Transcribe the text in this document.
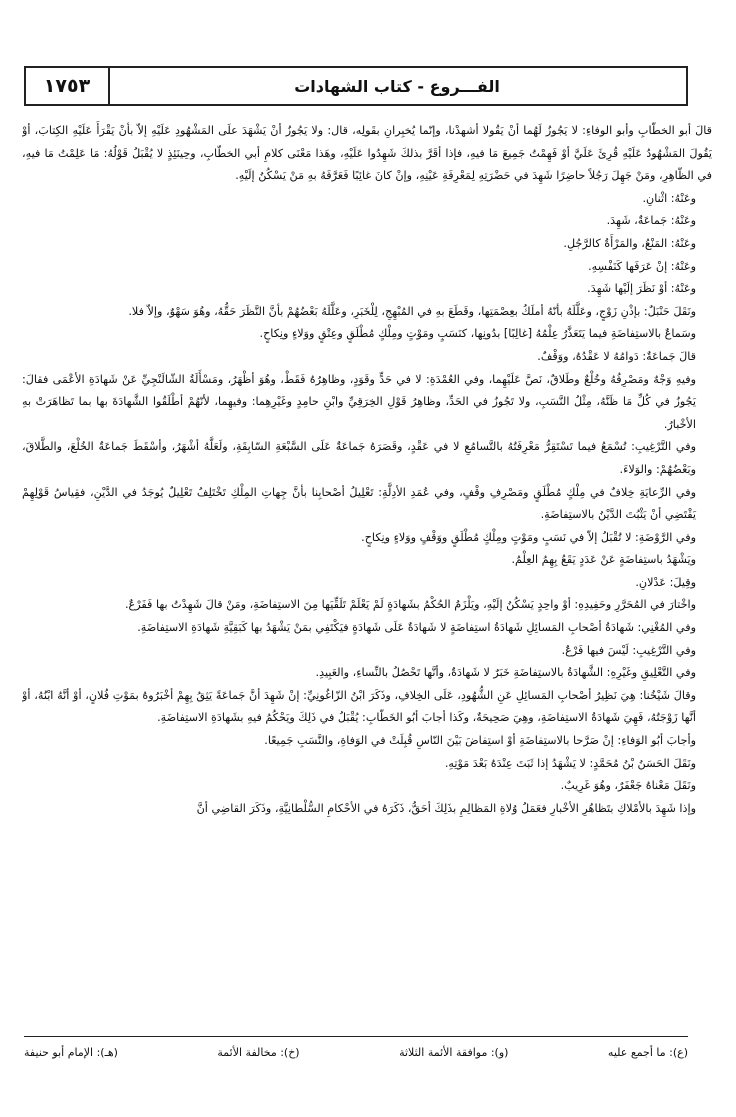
١٧٥٣	الفـــروع - كتاب الشهادات

قالَ أبو الخطّابِ وأبو الوفاءِ: لا يَجُوزُ لَهُما أنْ يَقُولا أشهدْنا، وإنّما يُخبِرانِ بقَولِه، قال: ولا يَجُوزُ أنْ يَشْهَدَ علَى المَشْهُودِ عَلَيْهِ إلاّ بأنْ يَقْرَأَ عَلَيْهِ الكِتابَ، أوْ يَقُولَ المَشْهُودُ عَلَيْهِ قُرِئَ عَلَيَّ أوْ فَهِمْتُ جَمِيعَ مَا فيهِ، فإذا أقَرَّ بذلكَ شَهِدُوا عَلَيْهِ، وهَذا مَعْنَى كلامِ أبي الخطّابِ، وحِينَئِذٍ لا يُقْبَلُ قَوْلُهُ: مَا عَلِمْتُ مَا فيهِ، في الظّاهِرِ، ومَنْ جَهِلَ رَجُلاً حاضِرًا شَهِدَ في حَضْرَتِهِ لِمَعْرِفَةِ عَيْنِهِ، وإنْ كانَ غائِبًا فَعَرَّفَهُ بهِ مَنْ يَسْكُنُ إلَيْهِ.

وعَنْهُ: اثْنانِ.

وعَنْهُ: جَماعَةٌ، شَهِدَ.

وعَنْهُ: المَنْعُ، والمَرْأَةُ كالرَّجُلِ.

وعَنْهُ: إنْ عَرَفَها كَنَفْسِهِ.

وعَنْهُ: أوْ نَظَرَ إلَيْها شَهِدَ.

ونَقَلَ حَنْبَلٌ: بإذْنِ زَوْجٍ، وعَلَّلَهُ بأنّهُ أملَكُ بعِصْمَتِها، وقَطَعَ بهِ في المُبْهِجِ، لِلْخَبَرِ، وعَلَّلَهُ بَعْضُهُمْ بأنَّ النَّظَرَ حَقُّهُ، وهُوَ سَهْوٌ، وإلاّ فلا.

وسَماعٌ بالاستِفاضَةِ فيما يَتَعَذَّرُ عِلْمُهُ [غالِبًا] بدُونِها، كنَسَبٍ ومَوْتٍ ومِلْكٍ مُطْلَقٍ وعِتْقٍ ووَلاءٍ ونِكاحٍ.

قالَ جَماعَةٌ: دَوامُهُ لا عَقْدُهُ، ووَقْفٌ.

وفيهِ وَجْهٌ ومَصْرِفُهُ وخُلْعٌ وطَلاقٌ، نَصَّ عَلَيْهِما، وفي العُمْدَةِ: لا في حَدٍّ وقَوَدٍ، وظاهِرُهُ فَقَطْ، وهُوَ أظْهَرُ، ومَسْأَلَةُ الشّالَنْجِيِّ عَنْ شَهادَةِ الأعْمَى فقالَ: يَجُوزُ في كُلِّ مَا ظَنَّهُ، مِثْلُ النَّسَبِ، ولا تَجُوزُ في الحَدِّ، وظاهِرُ قَوْلِ الخِرَقِيِّ وابْنِ حامِدٍ وغَيْرِهِما: وفيهِما، لأنّهُمْ أطْلَقُوا الشَّهادَةَ بها بما تَظاهَرَتْ بهِ الأخْبارُ.

وفي التَّرْغِيبِ: تُسْمَعُ فيما تَسْتَقِرُّ مَعْرِفَتُهُ بالتَّسامُعِ لا في عَقْدٍ، وقَصَرَهُ جَماعَةٌ عَلَى السَّبْعَةِ السّابِقَةِ، ولَعَلَّهُ أشْهَرُ، وأسْقَطَ جَماعَةٌ الخُلْعَ، والطَّلاقَ، وبَعْضُهُمْ: والوَلاءَ.

وفي الرِّعايَةِ خِلافٌ في مِلْكٍ مُطْلَقٍ ومَصْرِفِ وقْفٍ، وفي عُمَدِ الأدِلَّةِ: تَعْلِيلُ أصْحابِنا بأنَّ جِهاتِ المِلْكِ تَخْتَلِفُ تَعْلِيلٌ يُوجَدُ في الدَّيْنِ، فقِياسُ قَوْلِهِمْ يَقْتَضِي أنْ يَثْبُتَ الدَّيْنُ بالاستِفاضَةِ.

وفي الرَّوْضَةِ: لا تُقْبَلُ إلاّ في نَسَبٍ ومَوْتٍ ومِلْكٍ مُطْلَقٍ ووَقْفٍ ووَلاءٍ ونِكاحٍ.

ويَشْهَدُ باستِفاضَةٍ عَنْ عَدَدٍ يَقَعُ بِهِمُ العِلْمُ.

وقِيلَ: عَدْلانِ.

واخْتارَ في المُحَرَّرِ وحَفِيدِهِ: أوْ واحِدٍ يَسْكُنُ إلَيْهِ، ويَلْزَمُ الحُكْمُ بشَهادَةٍ لَمْ يَعْلَمْ تَلَقِّيَها مِنَ الاستِفاضَةِ، ومَنْ قالَ شَهِدْتُ بها فَفَرْعٌ.

وفي المُغْنِي: شَهادَةُ أصْحابِ المَسائِلِ شَهادَةُ استِفاضَةٍ لا شَهادَةٌ عَلَى شَهادَةٍ فيَكْتَفِي بمَنْ يَشْهَدُ بها كَبَقِيَّةِ شَهادَةِ الاستِفاضَةِ.

وفي التَّرْغِيبِ: لَيْسَ فيها فَرْعٌ.

وفي التَّعْلِيقِ وغَيْرِهِ: الشَّهادَةُ بالاستِفاضَةِ خَبَرٌ لا شَهادَةٌ، وأنَّها تَحْصُلُ بالنِّساءِ، والعَبِيدِ.

وقالَ شَيْخُنا: هِيَ نَظِيرُ أصْحابِ المَسائِلِ عَنِ الشُّهُودِ، عَلَى الخِلافِ، وذَكَرَ ابْنُ الزّاغُونِيِّ: إنْ شَهِدَ أنَّ جَماعَةً يَثِقُ بِهِمْ أخْبَرُوهُ بمَوْتِ فُلانٍ، أوْ أنَّهُ ابْنُهُ، أوْ أنَّها زَوْجَتُهُ، فَهِيَ شَهادَةُ الاستِفاضَةِ، وهِيَ صَحِيحَةٌ، وكَذا أجابَ أبُو الخَطّابِ: يُقْبَلُ في ذَلِكَ ويَحْكُمُ فيهِ بشَهادَةِ الاستِفاضَةِ.

وأجابَ أبُو الوَفاءِ: إنْ صَرَّحا بالاستِفاضَةِ أوْ استِفاضَ بَيْنَ النّاسِ قُبِلَتْ في الوَفاةِ، والنَّسَبِ جَمِيعًا.

ونَقَلَ الحَسَنُ بْنُ مُحَمَّدٍ: لا يَشْهَدُ إذا ثَبَتَ عِنْدَهُ بَعْدَ مَوْتِهِ.

ونَقَلَ مَعْناهُ جَعْفَرٌ، وهُوَ غَرِيبٌ.

وإذا شَهِدَ بالأمْلاكِ بتَظاهُرِ الأخْبارِ فعَمَلُ وُلاةِ المَظالِمِ بذَلِكَ أحَقُّ، ذَكَرَهُ في الأحْكامِ السُّلْطانِيَّةِ، وذَكَرَ القاضِي أنَّ

(ع): ما أجمع عليه
(و): موافقة الأئمة الثلاثة
(خ): مخالفة الأئمة
(هـ): الإمام أبو حنيفة
